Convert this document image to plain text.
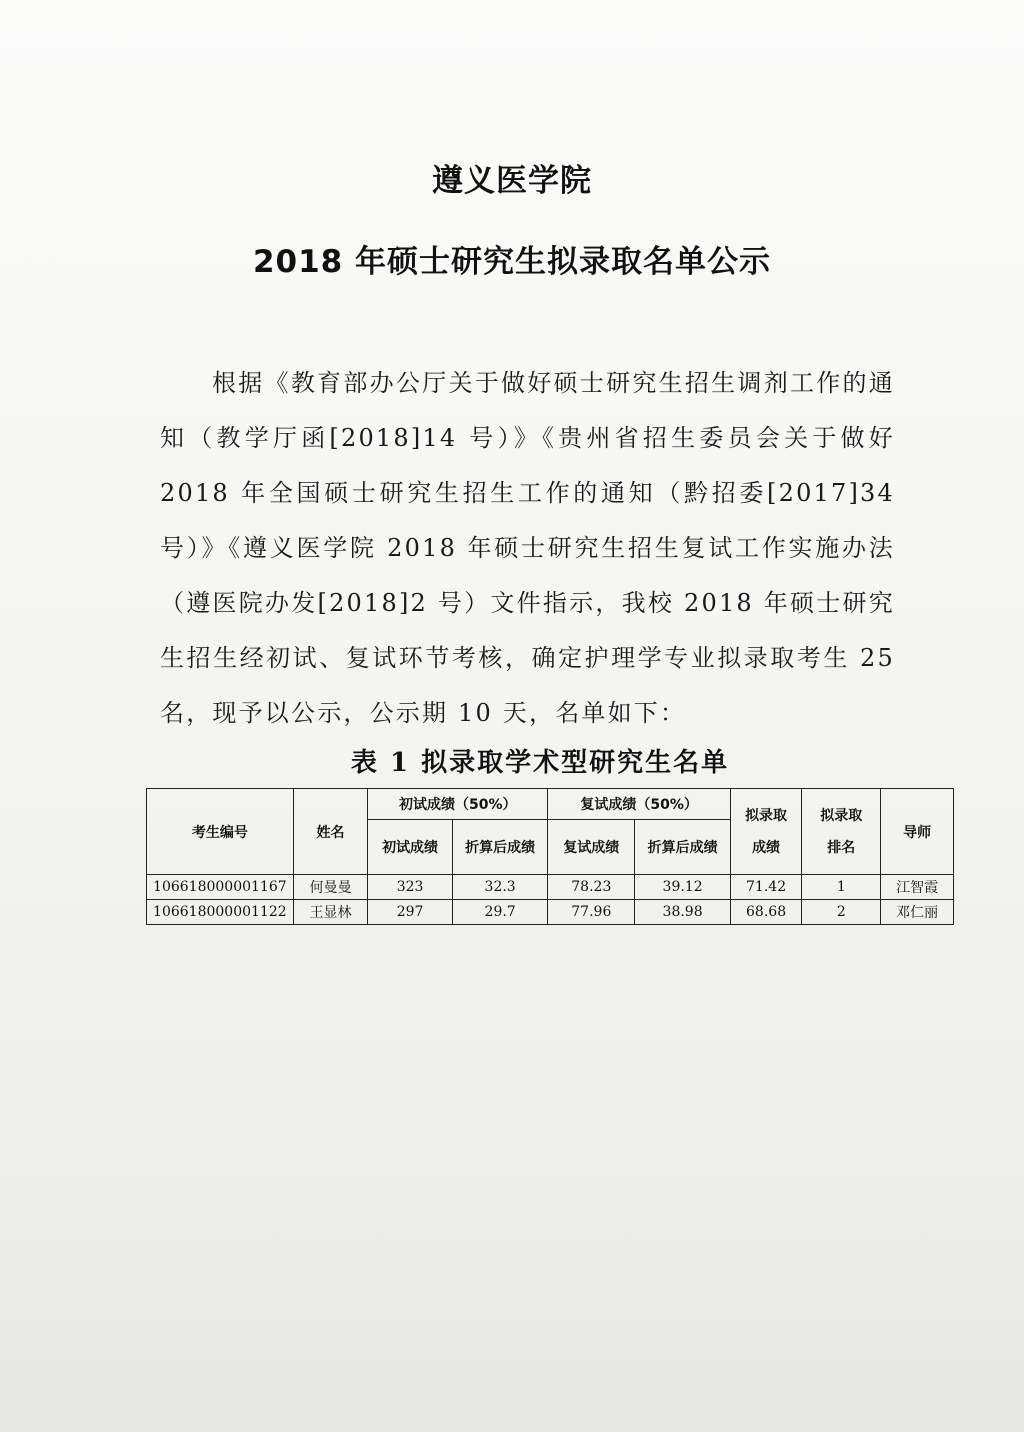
遵义医学院
2018 年硕士研究生拟录取名单公示

根据《教育部办公厅关于做好硕士研究生招生调剂工作的通知（教学厅函[2018]14 号）》《贵州省招生委员会关于做好 2018 年全国硕士研究生招生工作的通知（黔招委[2017]34 号）》《遵义医学院 2018 年硕士研究生招生复试工作实施办法（遵医院办发[2018]2 号）文件指示，我校 2018 年硕士研究生招生经初试、复试环节考核，确定护理学专业拟录取考生 25 名，现予以公示，公示期 10 天，名单如下：

表 1 拟录取学术型研究生名单
考生编号	姓名	初试成绩（50%）		复试成绩（50%）		拟录取成绩	拟录取排名	导师
		初试成绩	折算后成绩	复试成绩	折算后成绩			
106618000001167	何曼曼	323	32.3	78.23	39.12	71.42	1	江智霞
106618000001122	王显林	297	29.7	77.96	38.98	68.68	2	邓仁丽
